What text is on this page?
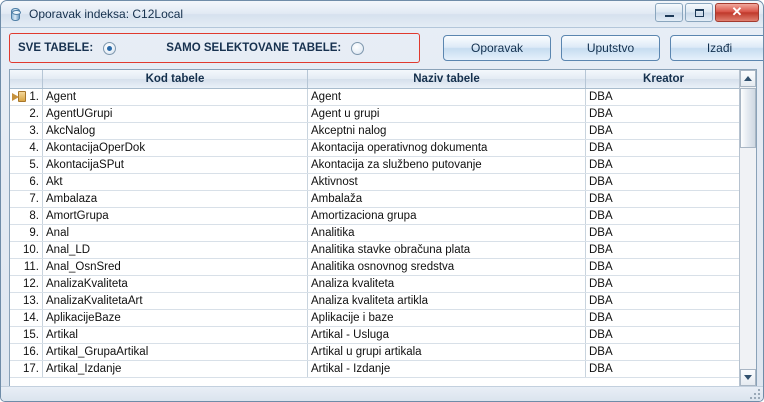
Oporavak indeksa: C12Local	✕
SVE TABELE:	SAMO SELEKTOVANE TABELE:	Oporavak	Uputstvo	Izađi
Kod tabele	Naziv tabele	Kreator
1. Agent	Agent	DBA
2. AgentUGrupi	Agent u grupi	DBA
3. AkcNalog	Akceptni nalog	DBA
4. AkontacijaOperDok	Akontacija operativnog dokumenta	DBA
5. AkontacijaSPut	Akontacija za službeno putovanje	DBA
6. Akt	Aktivnost	DBA
7. Ambalaza	Ambalaža	DBA
8. AmortGrupa	Amortizaciona grupa	DBA
9. Anal	Analitika	DBA
10. Anal_LD	Analitika stavke obračuna plata	DBA
11. Anal_OsnSred	Analitika osnovnog sredstva	DBA
12. AnalizaKvaliteta	Analiza kvaliteta	DBA
13. AnalizaKvalitetaArt	Analiza kvaliteta artikla	DBA
14. AplikacijeBaze	Aplikacije i baze	DBA
15. Artikal	Artikal - Usluga	DBA
16. Artikal_GrupaArtikal	Artikal u grupi artikala	DBA
17. Artikal_Izdanje	Artikal - Izdanje	DBA
